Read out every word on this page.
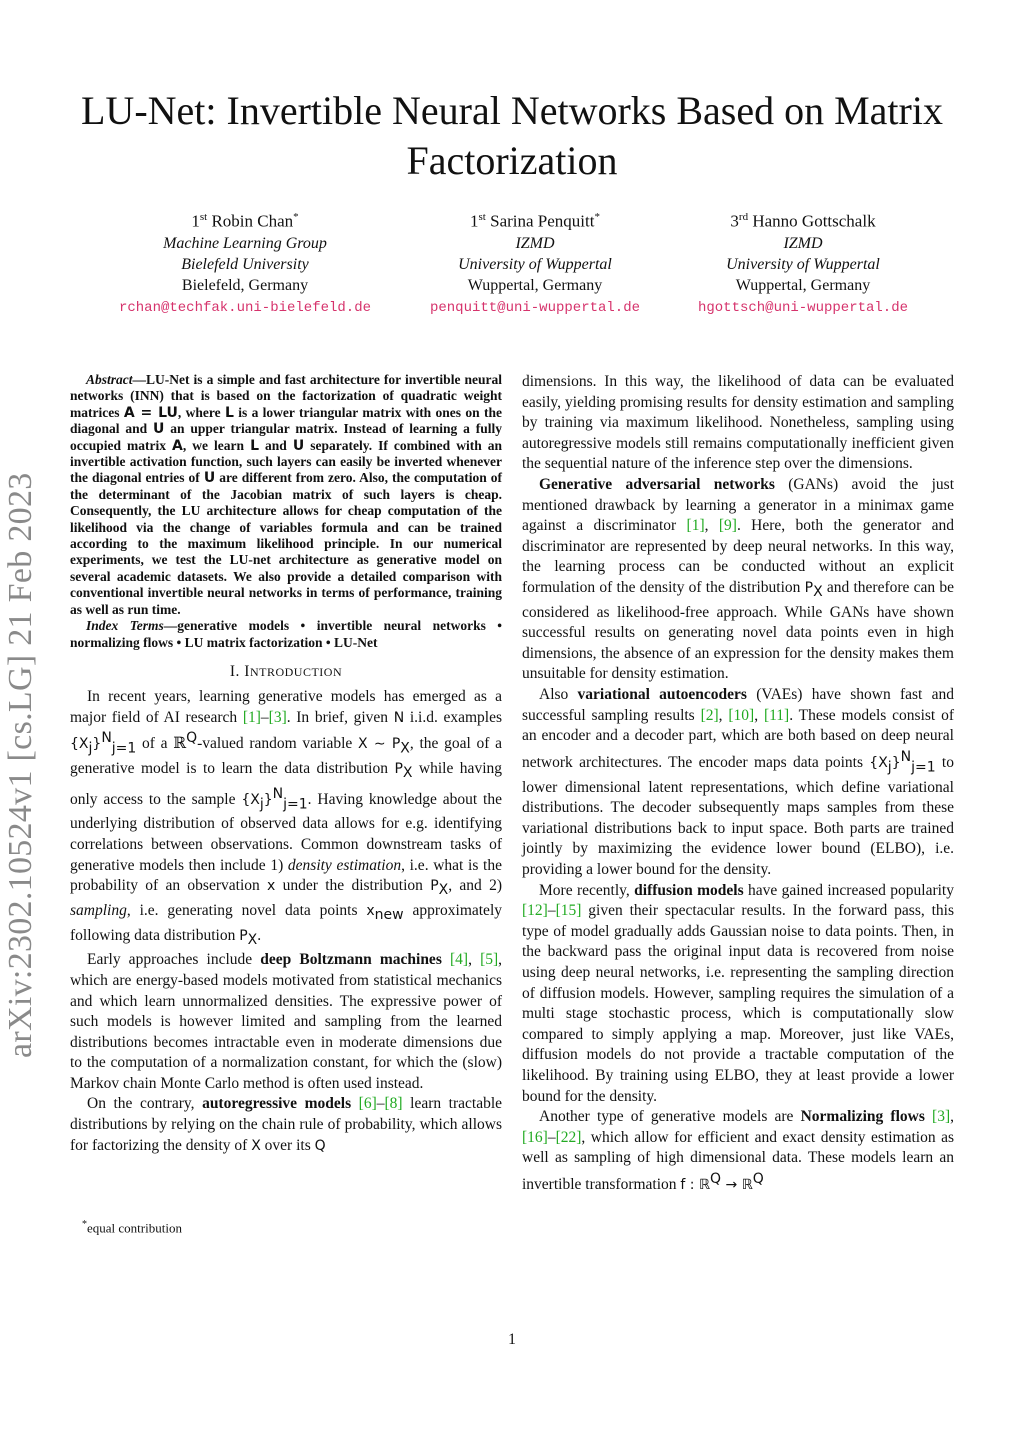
LU-Net: Invertible Neural Networks Based on Matrix Factorization
1st Robin Chan*
Machine Learning Group
Bielefeld University
Bielefeld, Germany
rchan@techfak.uni-bielefeld.de
1st Sarina Penquitt*
IZMD
University of Wuppertal
Wuppertal, Germany
penquitt@uni-wuppertal.de
3rd Hanno Gottschalk
IZMD
University of Wuppertal
Wuppertal, Germany
hgottsch@uni-wuppertal.de
arXiv:2302.10524v1 [cs.LG] 21 Feb 2023

Abstract—LU-Net is a simple and fast architecture for invertible neural networks (INN) that is based on the factorization of quadratic weight matrices A = LU, where L is a lower triangular matrix with ones on the diagonal and U an upper triangular matrix. Instead of learning a fully occupied matrix A, we learn L and U separately. If combined with an invertible activation function, such layers can easily be inverted whenever the diagonal entries of U are different from zero. Also, the computation of the determinant of the Jacobian matrix of such layers is cheap. Consequently, the LU architecture allows for cheap computation of the likelihood via the change of variables formula and can be trained according to the maximum likelihood principle. In our numerical experiments, we test the LU-net architecture as generative model on several academic datasets. We also provide a detailed comparison with conventional invertible neural networks in terms of performance, training as well as run time.

Index Terms—generative models • invertible neural networks • normalizing flows • LU matrix factorization • LU-Net

I. INTRODUCTION

In recent years, learning generative models has emerged as a major field of AI research [1]–[3]. In brief, given N i.i.d. examples $\{X_j\}^N_{j=1}$ of a ℝ$^Q$-valued random variable X ∼ $P_X$, the goal of a generative model is to learn the data distribution $P_X$ while having only access to the sample $\{X_j\}^N_{j=1}$. Having knowledge about the underlying distribution of observed data allows for e.g. identifying correlations between observations. Common downstream tasks of generative models then include 1) density estimation, i.e. what is the probability of an observation x under the distribution $P_X$, and 2) sampling, i.e. generating novel data points $x_{new}$ approximately following data distribution $P_X$.

Early approaches include deep Boltzmann machines [4], [5], which are energy-based models motivated from statistical mechanics and which learn unnormalized densities. The expressive power of such models is however limited and sampling from the learned distributions becomes intractable even in moderate dimensions due to the computation of a normalization constant, for which the (slow) Markov chain Monte Carlo method is often used instead.

On the contrary, autoregressive models [6]–[8] learn tractable distributions by relying on the chain rule of probability, which allows for factorizing the density of X over its Q

dimensions. In this way, the likelihood of data can be evaluated easily, yielding promising results for density estimation and sampling by training via maximum likelihood. Nonetheless, sampling using autoregressive models still remains computationally inefficient given the sequential nature of the inference step over the dimensions.

Generative adversarial networks (GANs) avoid the just mentioned drawback by learning a generator in a minimax game against a discriminator [1], [9]. Here, both the generator and discriminator are represented by deep neural networks. In this way, the learning process can be conducted without an explicit formulation of the density of the distribution $P_X$ and therefore can be considered as likelihood-free approach. While GANs have shown successful results on generating novel data points even in high dimensions, the absence of an expression for the density makes them unsuitable for density estimation.

Also variational autoencoders (VAEs) have shown fast and successful sampling results [2], [10], [11]. These models consist of an encoder and a decoder part, which are both based on deep neural network architectures. The encoder maps data points $\{X_j\}^N_{j=1}$ to lower dimensional latent representations, which define variational distributions. The decoder subsequently maps samples from these variational distributions back to input space. Both parts are trained jointly by maximizing the evidence lower bound (ELBO), i.e. providing a lower bound for the density.

More recently, diffusion models have gained increased popularity [12]–[15] given their spectacular results. In the forward pass, this type of model gradually adds Gaussian noise to data points. Then, in the backward pass the original input data is recovered from noise using deep neural networks, i.e. representing the sampling direction of diffusion models. However, sampling requires the simulation of a multi stage stochastic process, which is computationally slow compared to simply applying a map. Moreover, just like VAEs, diffusion models do not provide a tractable computation of the likelihood. By training using ELBO, they at least provide a lower bound for the density.

Another type of generative models are Normalizing flows [3], [16]–[22], which allow for efficient and exact density estimation as well as sampling of high dimensional data. These models learn an invertible transformation f : ℝ$^Q$ → ℝ$^Q$

*equal contribution
1
